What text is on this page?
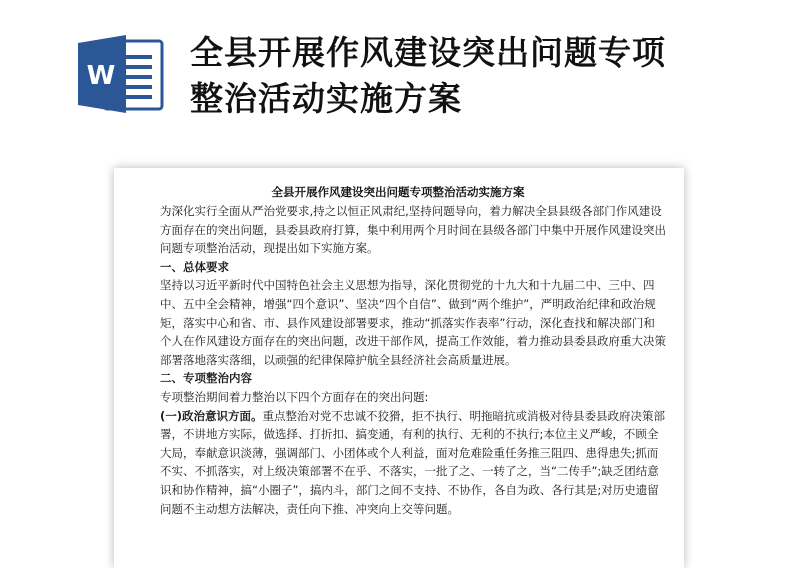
W
全县开展作风建设突出问题专项
整治活动实施方案
全县开展作风建设突出问题专项整治活动实施方案

为深化实行全面从严治党要求,持之以恒正风肃纪,坚持问题导向，着力解决全县县级各部门作风建设方面存在的突出问题，县委县政府打算，集中利用两个月时间在县级各部门中集中开展作风建设突出问题专项整治活动，现提出如下实施方案。

一、总体要求

坚持以习近平新时代中国特色社会主义思想为指导，深化贯彻党的十九大和十九届二中、三中、四中、五中全会精神，增强“四个意识”、坚决“四个自信”、做到“两个维护”，严明政治纪律和政治规矩，落实中心和省、市、县作风建设部署要求，推动“抓落实作表率”行动，深化查找和解决部门和个人在作风建设方面存在的突出问题，改进干部作风，提高工作效能，着力推动县委县政府重大决策部署落地落实落细，以顽强的纪律保障护航全县经济社会高质量进展。

二、专项整治内容

专项整治期间着力整治以下四个方面存在的突出问题:

(一)政治意识方面。重点整治对党不忠诚不狡猾，拒不执行、明拖暗抗或消极对待县委县政府决策部署，不讲地方实际，做选择、打折扣、搞变通，有利的执行、无利的不执行;本位主义严峻，不顾全大局，奉献意识淡薄，强调部门、小团体或个人利益，面对危难险重任务推三阻四、患得患失;抓而不实、不抓落实，对上级决策部署不在乎、不落实，一批了之、一转了之，当“二传手”;缺乏团结意识和协作精神，搞“小圈子”，搞内斗，部门之间不支持、不协作，各自为政、各行其是;对历史遗留问题不主动想方法解决，责任向下推、冲突向上交等问题。
